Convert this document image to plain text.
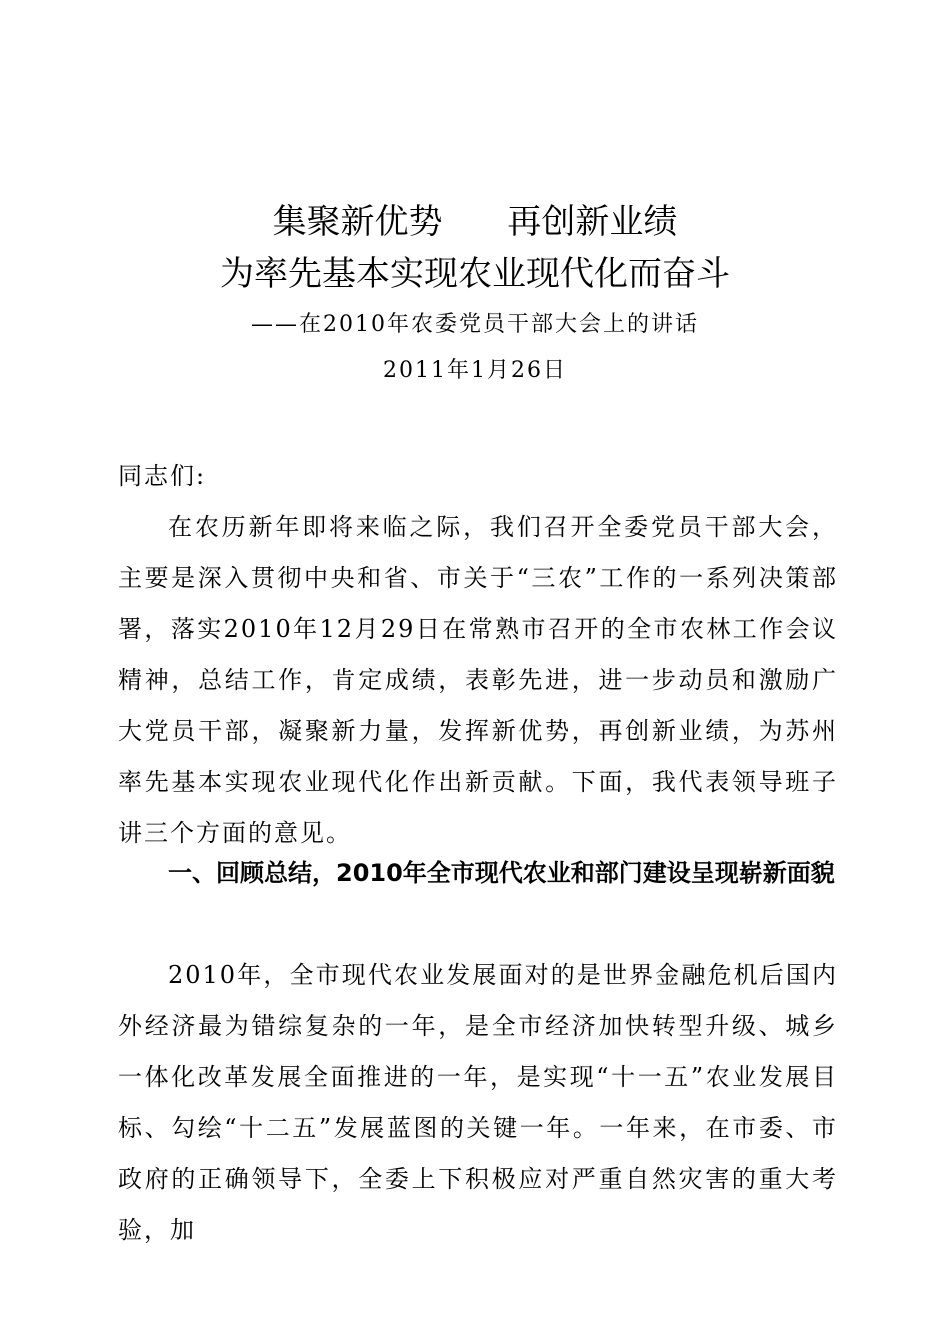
集聚新优势      再创新业绩
为率先基本实现农业现代化而奋斗
——在2010年农委党员干部大会上的讲话
2011年1月26日
同志们:
在农历新年即将来临之际，我们召开全委党员干部大会，主要是深入贯彻中央和省、市关于“三农”工作的一系列决策部署，落实2010年12月29日在常熟市召开的全市农林工作会议精神，总结工作，肯定成绩，表彰先进，进一步动员和激励广大党员干部，凝聚新力量，发挥新优势，再创新业绩，为苏州率先基本实现农业现代化作出新贡献。下面，我代表领导班子讲三个方面的意见。
一、回顾总结，2010年全市现代农业和部门建设呈现崭新面貌
2010年，全市现代农业发展面对的是世界金融危机后国内外经济最为错综复杂的一年，是全市经济加快转型升级、城乡一体化改革发展全面推进的一年，是实现“十一五”农业发展目标、勾绘“十二五”发展蓝图的关键一年。一年来，在市委、市政府的正确领导下，全委上下积极应对严重自然灾害的重大考验，加
